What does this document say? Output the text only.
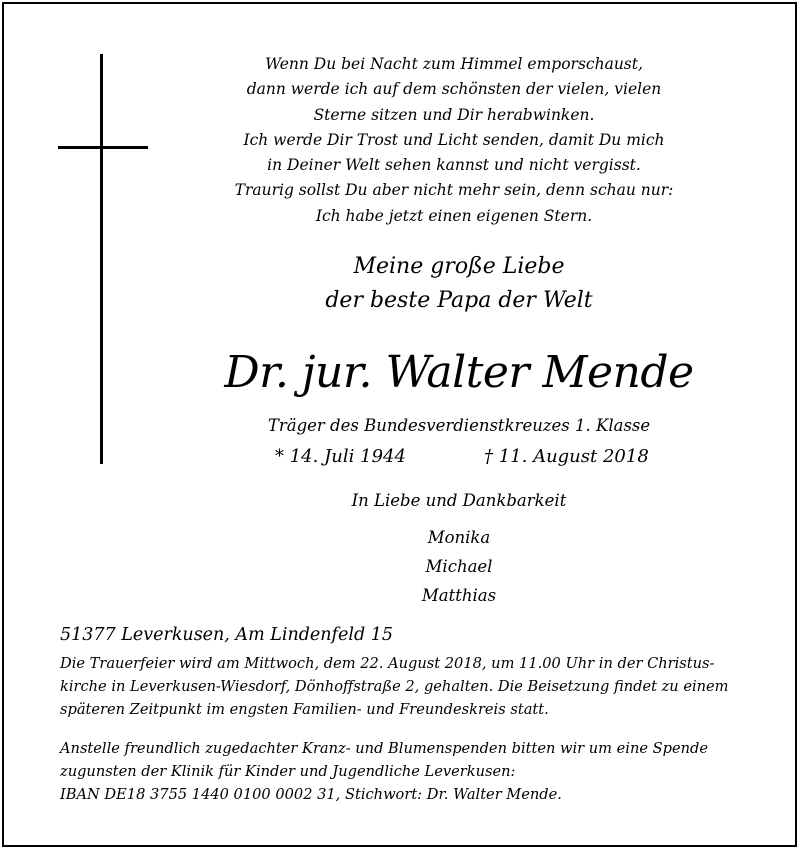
Wenn Du bei Nacht zum Himmel emporschaust,
dann werde ich auf dem schönsten der vielen, vielen
Sterne sitzen und Dir herabwinken.
Ich werde Dir Trost und Licht senden, damit Du mich
in Deiner Welt sehen kannst und nicht vergisst.
Traurig sollst Du aber nicht mehr sein, denn schau nur:
Ich habe jetzt einen eigenen Stern.
Meine große Liebe
der beste Papa der Welt
Dr. jur. Walter Mende
Träger des Bundesverdienstkreuzes 1. Klasse
* 14. Juli 1944	† 11. August 2018
In Liebe und Dankbarkeit
Monika
Michael
Matthias
51377 Leverkusen, Am Lindenfeld 15
Die Trauerfeier wird am Mittwoch, dem 22. August 2018, um 11.00 Uhr in der Christus-
kirche in Leverkusen-Wiesdorf, Dönhoffstraße 2, gehalten. Die Beisetzung findet zu einem
späteren Zeitpunkt im engsten Familien- und Freundeskreis statt.
Anstelle freundlich zugedachter Kranz- und Blumenspenden bitten wir um eine Spende
zugunsten der Klinik für Kinder und Jugendliche Leverkusen:
IBAN DE18 3755 1440 0100 0002 31, Stichwort: Dr. Walter Mende.
